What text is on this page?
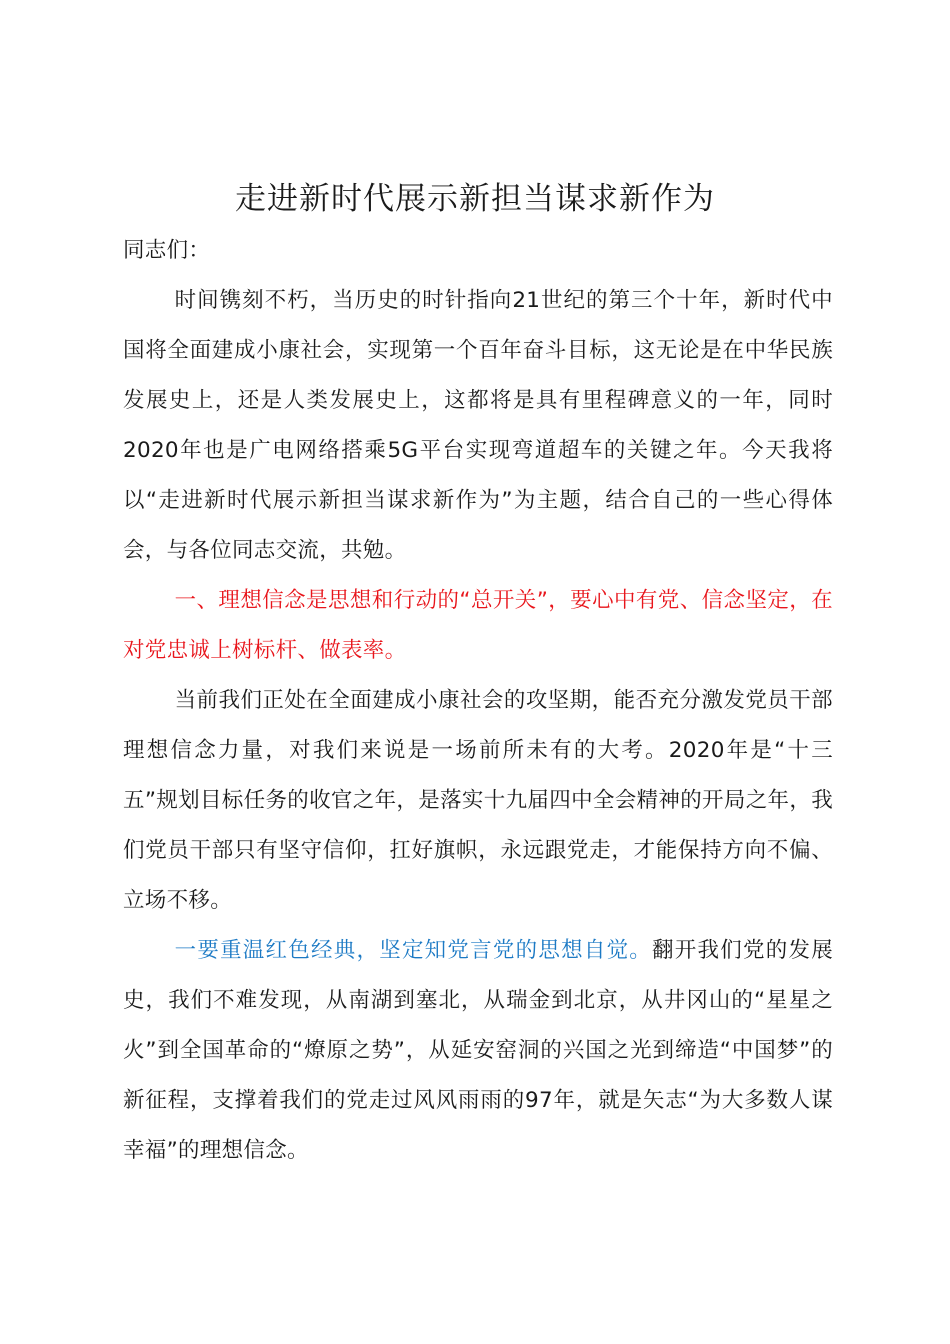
走进新时代展示新担当谋求新作为

同志们：

时间镌刻不朽，当历史的时针指向21世纪的第三个十年，新时代中国将全面建成小康社会，实现第一个百年奋斗目标，这无论是在中华民族发展史上，还是人类发展史上，这都将是具有里程碑意义的一年，同时2020年也是广电网络搭乘5G平台实现弯道超车的关键之年。今天我将以“走进新时代展示新担当谋求新作为”为主题，结合自己的一些心得体会，与各位同志交流，共勉。

一、理想信念是思想和行动的“总开关”，要心中有党、信念坚定，在对党忠诚上树标杆、做表率。

当前我们正处在全面建成小康社会的攻坚期，能否充分激发党员干部理想信念力量，对我们来说是一场前所未有的大考。2020年是“十三五”规划目标任务的收官之年，是落实十九届四中全会精神的开局之年，我们党员干部只有坚守信仰，扛好旗帜，永远跟党走，才能保持方向不偏、立场不移。

一要重温红色经典，坚定知党言党的思想自觉。翻开我们党的发展史，我们不难发现，从南湖到塞北，从瑞金到北京，从井冈山的“星星之火”到全国革命的“燎原之势”，从延安窑洞的兴国之光到缔造“中国梦”的新征程，支撑着我们的党走过风风雨雨的97年，就是矢志“为大多数人谋幸福”的理想信念。
